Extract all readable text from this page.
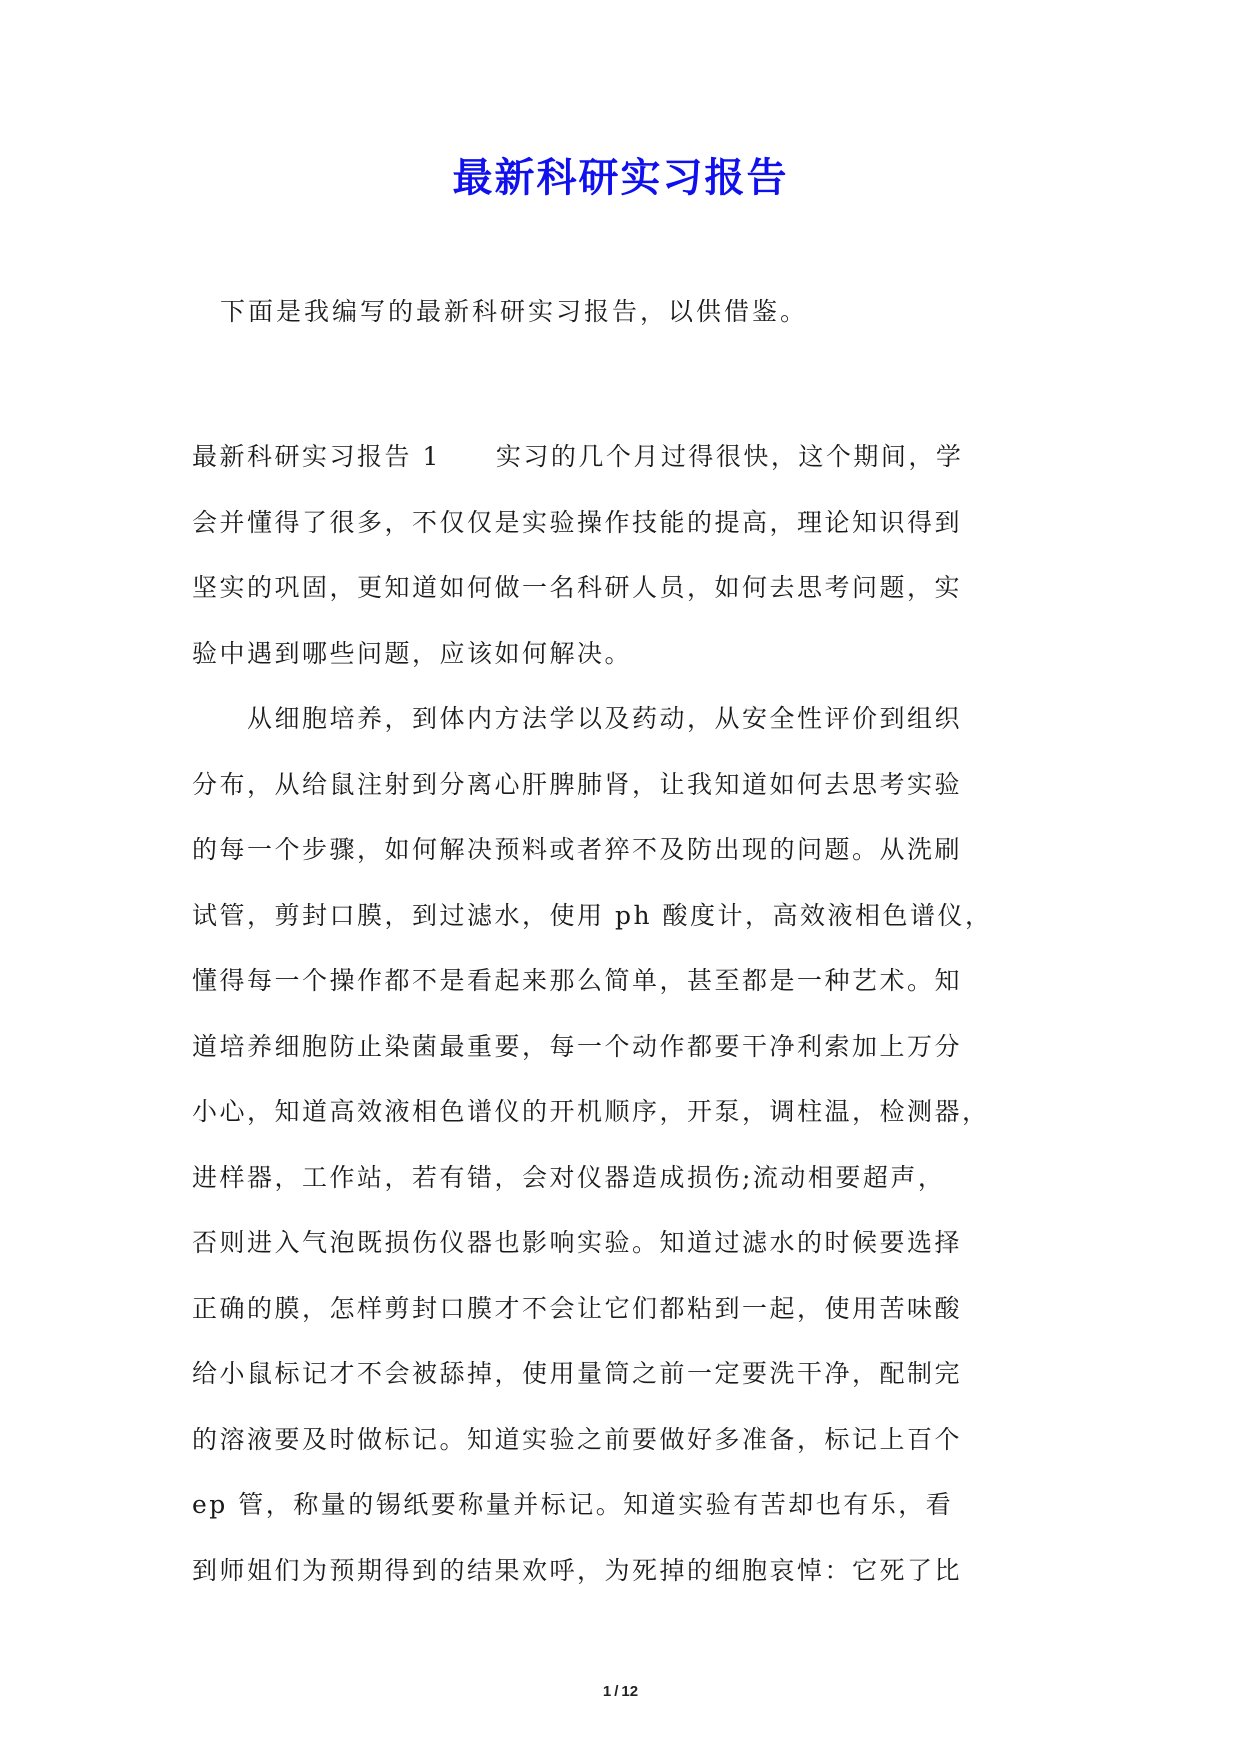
最新科研实习报告

下面是我编写的最新科研实习报告，以供借鉴。

最新科研实习报告 1　　实习的几个月过得很快，这个期间，学
会并懂得了很多，不仅仅是实验操作技能的提高，理论知识得到
坚实的巩固，更知道如何做一名科研人员，如何去思考问题，实
验中遇到哪些问题，应该如何解决。
　　从细胞培养，到体内方法学以及药动，从安全性评价到组织
分布，从给鼠注射到分离心肝脾肺肾，让我知道如何去思考实验
的每一个步骤，如何解决预料或者猝不及防出现的问题。从洗刷
试管，剪封口膜，到过滤水，使用 ph 酸度计，高效液相色谱仪，
懂得每一个操作都不是看起来那么简单，甚至都是一种艺术。知
道培养细胞防止染菌最重要，每一个动作都要干净利索加上万分
小心，知道高效液相色谱仪的开机顺序，开泵，调柱温，检测器，
进样器，工作站，若有错，会对仪器造成损伤;流动相要超声，
否则进入气泡既损伤仪器也影响实验。知道过滤水的时候要选择
正确的膜，怎样剪封口膜才不会让它们都粘到一起，使用苦味酸
给小鼠标记才不会被舔掉，使用量筒之前一定要洗干净，配制完
的溶液要及时做标记。知道实验之前要做好多准备，标记上百个
ep 管，称量的锡纸要称量并标记。知道实验有苦却也有乐，看
到师姐们为预期得到的结果欢呼，为死掉的细胞哀悼：它死了比
1 / 12
